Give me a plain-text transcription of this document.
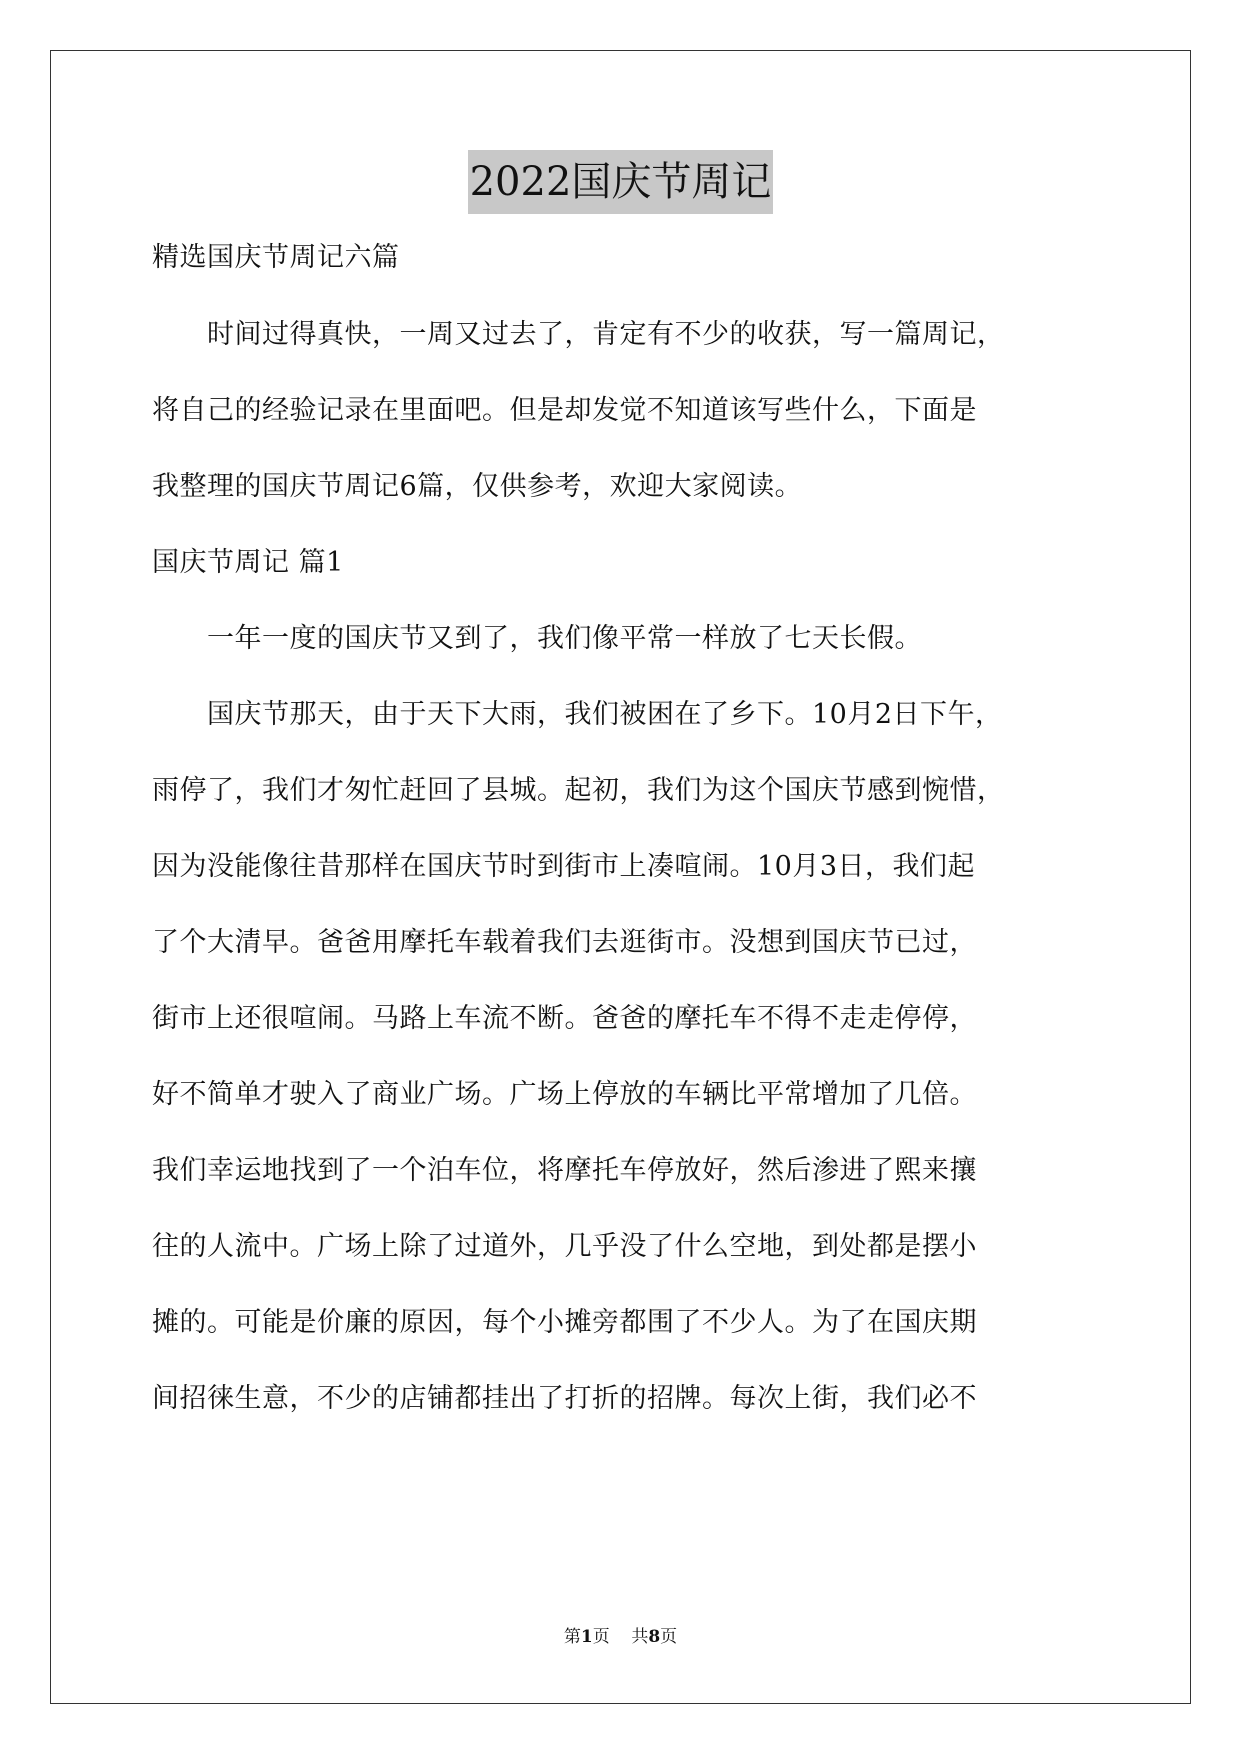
2022国庆节周记

精选国庆节周记六篇

　　时间过得真快，一周又过去了，肯定有不少的收获，写一篇周记，

将自己的经验记录在里面吧。但是却发觉不知道该写些什么，下面是

我整理的国庆节周记6篇，仅供参考，欢迎大家阅读。

国庆节周记 篇1

　　一年一度的国庆节又到了，我们像平常一样放了七天长假。

　　国庆节那天，由于天下大雨，我们被困在了乡下。10月2日下午，

雨停了，我们才匆忙赶回了县城。起初，我们为这个国庆节感到惋惜，

因为没能像往昔那样在国庆节时到街市上凑喧闹。10月3日，我们起

了个大清早。爸爸用摩托车载着我们去逛街市。没想到国庆节已过，

街市上还很喧闹。马路上车流不断。爸爸的摩托车不得不走走停停，

好不简单才驶入了商业广场。广场上停放的车辆比平常增加了几倍。

我们幸运地找到了一个泊车位，将摩托车停放好，然后渗进了熙来攘

往的人流中。广场上除了过道外，几乎没了什么空地，到处都是摆小

摊的。可能是价廉的原因，每个小摊旁都围了不少人。为了在国庆期

间招徕生意，不少的店铺都挂出了打折的招牌。每次上街，我们必不

第1页 共8页
